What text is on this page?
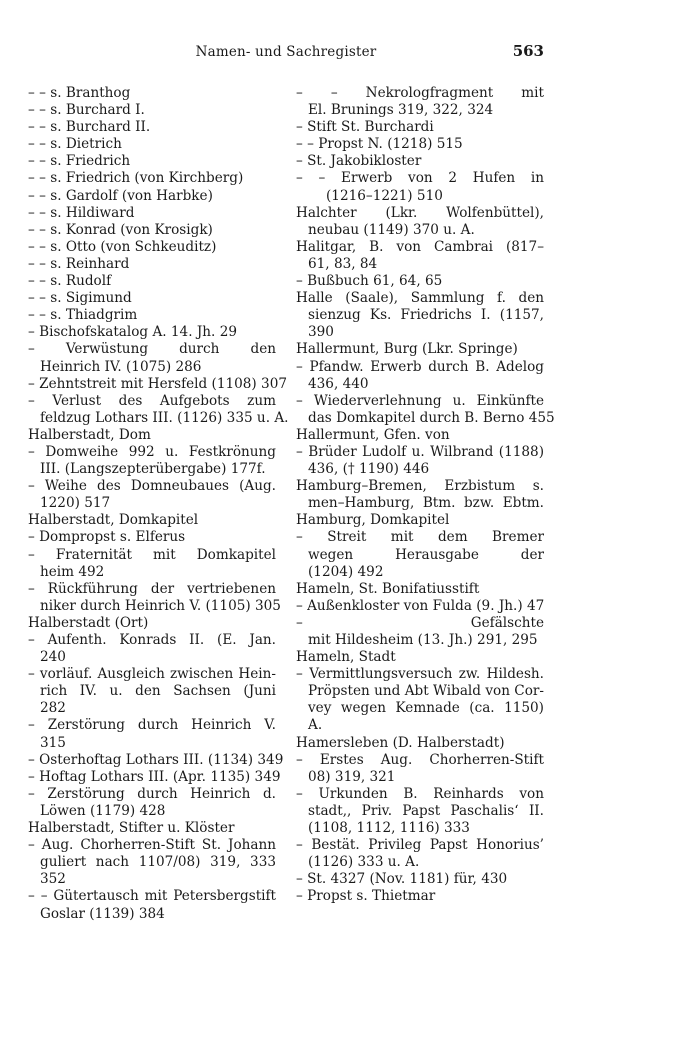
Namen- und Sachregister	563
– – s. Branthog
– – s. Burchard I.
– – s. Burchard II.
– – s. Dietrich
– – s. Friedrich
– – s. Friedrich (von Kirchberg)
– – s. Gardolf (von Harbke)
– – s. Hildiward
– – s. Konrad (von Krosigk)
– – s. Otto (von Schkeuditz)
– – s. Reinhard
– – s. Rudolf
– – s. Sigimund
– – s. Thiadgrim
– Bischofskatalog A. 14. Jh. 29
– Verwüstung durch den
Heinrich IV. (1075) 286
– Zehntstreit mit Hersfeld (1108) 307
– Verlust des Aufgebots zum
feldzug Lothars III. (1126) 335 u. A.
Halberstadt, Dom
– Domweihe 992 u. Festkrönung
III. (Langszepterübergabe) 177f.
– Weihe des Domneubaues (Aug.
1220) 517
Halberstadt, Domkapitel
– Dompropst s. Elferus
– Fraternität mit Domkapitel
heim 492
– Rückführung der vertriebenen
niker durch Heinrich V. (1105) 305
Halberstadt (Ort)
– Aufenth. Konrads II. (E. Jan.
240
– vorläuf. Ausgleich zwischen Hein-
rich IV. u. den Sachsen (Juni
282
– Zerstörung durch Heinrich V.
315
– Osterhoftag Lothars III. (1134) 349
– Hoftag Lothars III. (Apr. 1135) 349
– Zerstörung durch Heinrich d.
Löwen (1179) 428
Halberstadt, Stifter u. Klöster
– Aug. Chorherren-Stift St. Johann
guliert nach 1107/08) 319, 333
352
– – Gütertausch mit Petersbergstift
Goslar (1139) 384
– – Nekrologfragment mit
El. Brunings 319, 322, 324
– Stift St. Burchardi
– – Propst N. (1218) 515
– St. Jakobikloster
– – Erwerb von 2 Hufen in
(1216–1221) 510
Halchter (Lkr. Wolfenbüttel),
neubau (1149) 370 u. A.
Halitgar, B. von Cambrai (817–
61, 83, 84
– Bußbuch 61, 64, 65
Halle (Saale), Sammlung f. den
sienzug Ks. Friedrichs I. (1157,
390
Hallermunt, Burg (Lkr. Springe)
– Pfandw. Erwerb durch B. Adelog
436, 440
– Wiederverlehnung u. Einkünfte
das Domkapitel durch B. Berno 455
Hallermunt, Gfen. von
– Brüder Ludolf u. Wilbrand (1188)
436, († 1190) 446
Hamburg–Bremen, Erzbistum s.
men–Hamburg, Btm. bzw. Ebtm.
Hamburg, Domkapitel
– Streit mit dem Bremer
wegen Herausgabe der
(1204) 492
Hameln, St. Bonifatiusstift
– Außenkloster von Fulda (9. Jh.) 47
– Gefälschte
mit Hildesheim (13. Jh.) 291, 295
Hameln, Stadt
– Vermittlungsversuch zw. Hildesh.
Pröpsten und Abt Wibald von Cor-
vey wegen Kemnade (ca. 1150)
A.
Hamersleben (D. Halberstadt)
– Erstes Aug. Chorherren-Stift
08) 319, 321
– Urkunden B. Reinhards von
stadt,, Priv. Papst Paschalis‘ II.
(1108, 1112, 1116) 333
– Bestät. Privileg Papst Honorius’
(1126) 333 u. A.
– St. 4327 (Nov. 1181) für, 430
– Propst s. Thietmar
